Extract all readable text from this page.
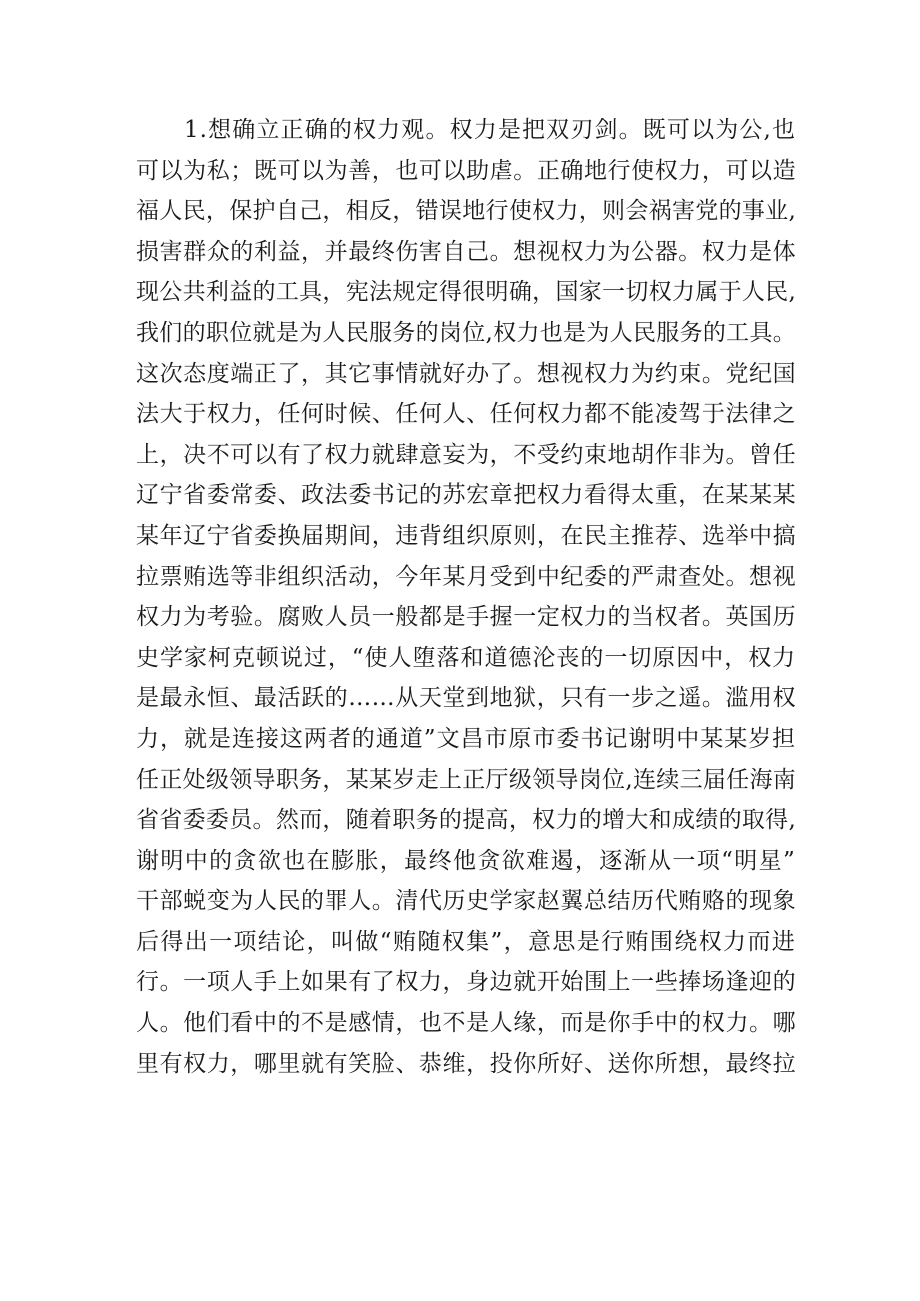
1.想确立正确的权力观。权力是把双刃剑。既可以为公,也
可以为私；既可以为善，也可以助虐。正确地行使权力，可以造
福人民，保护自己，相反，错误地行使权力，则会祸害党的事业,
损害群众的利益，并最终伤害自己。想视权力为公器。权力是体
现公共利益的工具，宪法规定得很明确，国家一切权力属于人民,
我们的职位就是为人民服务的岗位,权力也是为人民服务的工具。
这次态度端正了，其它事情就好办了。想视权力为约束。党纪国
法大于权力，任何时候、任何人、任何权力都不能凌驾于法律之
上，决不可以有了权力就肆意妄为，不受约束地胡作非为。曾任
辽宁省委常委、政法委书记的苏宏章把权力看得太重，在某某某
某年辽宁省委换届期间，违背组织原则，在民主推荐、选举中搞
拉票贿选等非组织活动，今年某月受到中纪委的严肃查处。想视
权力为考验。腐败人员一般都是手握一定权力的当权者。英国历
史学家柯克顿说过，“使人堕落和道德沦丧的一切原因中，权力
是最永恒、最活跃的……从天堂到地狱，只有一步之遥。滥用权
力，就是连接这两者的通道”文昌市原市委书记谢明中某某岁担
任正处级领导职务，某某岁走上正厅级领导岗位,连续三届任海南
省省委委员。然而，随着职务的提高，权力的增大和成绩的取得,
谢明中的贪欲也在膨胀，最终他贪欲难遏，逐渐从一项“明星”
干部蜕变为人民的罪人。清代历史学家赵翼总结历代贿赂的现象
后得出一项结论，叫做“贿随权集”，意思是行贿围绕权力而进
行。一项人手上如果有了权力，身边就开始围上一些捧场逢迎的
人。他们看中的不是感情，也不是人缘，而是你手中的权力。哪
里有权力，哪里就有笑脸、恭维，投你所好、送你所想，最终拉
